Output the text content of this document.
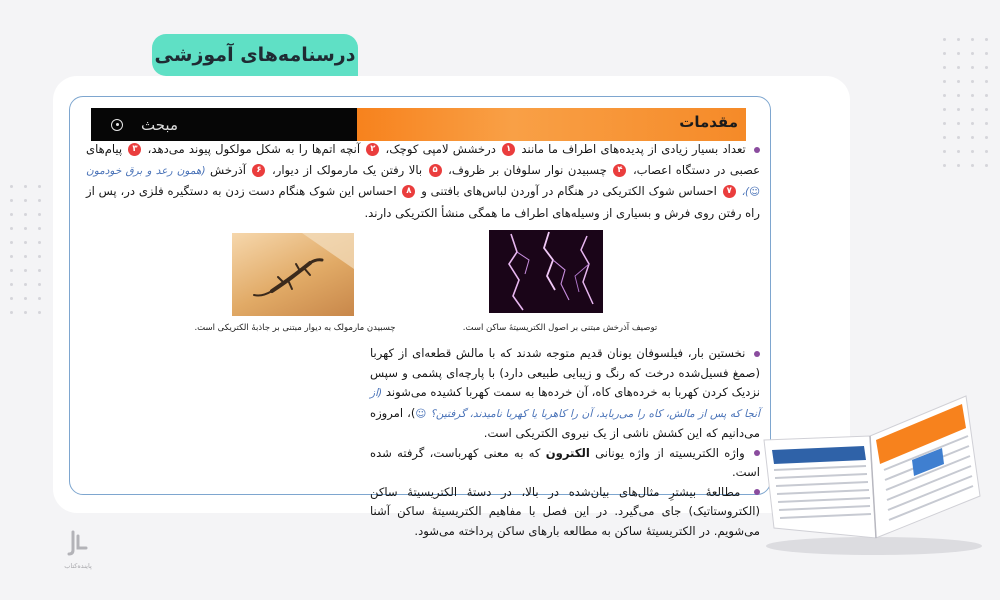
درسنامه‌های آموزشی
مبحث	مقدمات
تعداد بسیار زیادی از پدیده‌های اطراف ما مانند ۱ درخشش لامپی کوچک، ۲ آنچه اتم‌ها را به شکل مولکول پیوند می‌دهد، ۳ پیام‌های عصبی در دستگاه اعصاب، ۴ چسبیدن نوار سلوفان بر ظروف، ۵ بالا رفتن یک مارمولک از دیوار، ۶ آذرخش (همون رعد و برق خودمون ☺)، ۷ احساس شوک الکتریکی در هنگام در آوردن لباس‌های بافتنی و ۸ احساس این شوک هنگام دست زدن به دستگیره فلزی در، پس از راه رفتن روی فرش و بسیاری از وسیله‌های اطراف ما همگی منشأ الکتریکی دارند.
چسبیدن مارمولک به دیوار مبتنی بر جاذبهٔ الکتریکی است.	توصیف آذرخش مبتنی بر اصول الکتریسیتهٔ ساکن است.
نخستین بار، فیلسوفان یونان قدیم متوجه شدند که با مالش قطعه‌ای از کهربا (صمغ فسیل‌شده درخت که رنگ و زیبایی طبیعی دارد) با پارچه‌ای پشمی و سپس نزدیک کردن کهربا به خرده‌های کاه، آن خرده‌ها به سمت کهربا کشیده می‌شوند (از آنجا که پس از مالش، کاه را می‌رباید، آن را کاهربا یا کهربا نامیدند، گرفتین؟ ☺)، امروزه می‌دانیم که این کشش ناشی از یک نیروی الکتریکی است.
واژه الکتریسیته از واژه یونانی الکترون که به معنی کهرباست، گرفته شده است.
مطالعهٔ بیشترِ مثال‌های بیان‌شده در بالا، در دستهٔ الکتریسیتهٔ ساکن (الکتروستاتیک) جای می‌گیرد. در این فصل با مفاهیم الکتریسیتهٔ ساکن آشنا می‌شویم. در الکتریسیتهٔ ساکن به مطالعه بارهای ساکن پرداخته می‌شود.
پاینده‌کتاب
